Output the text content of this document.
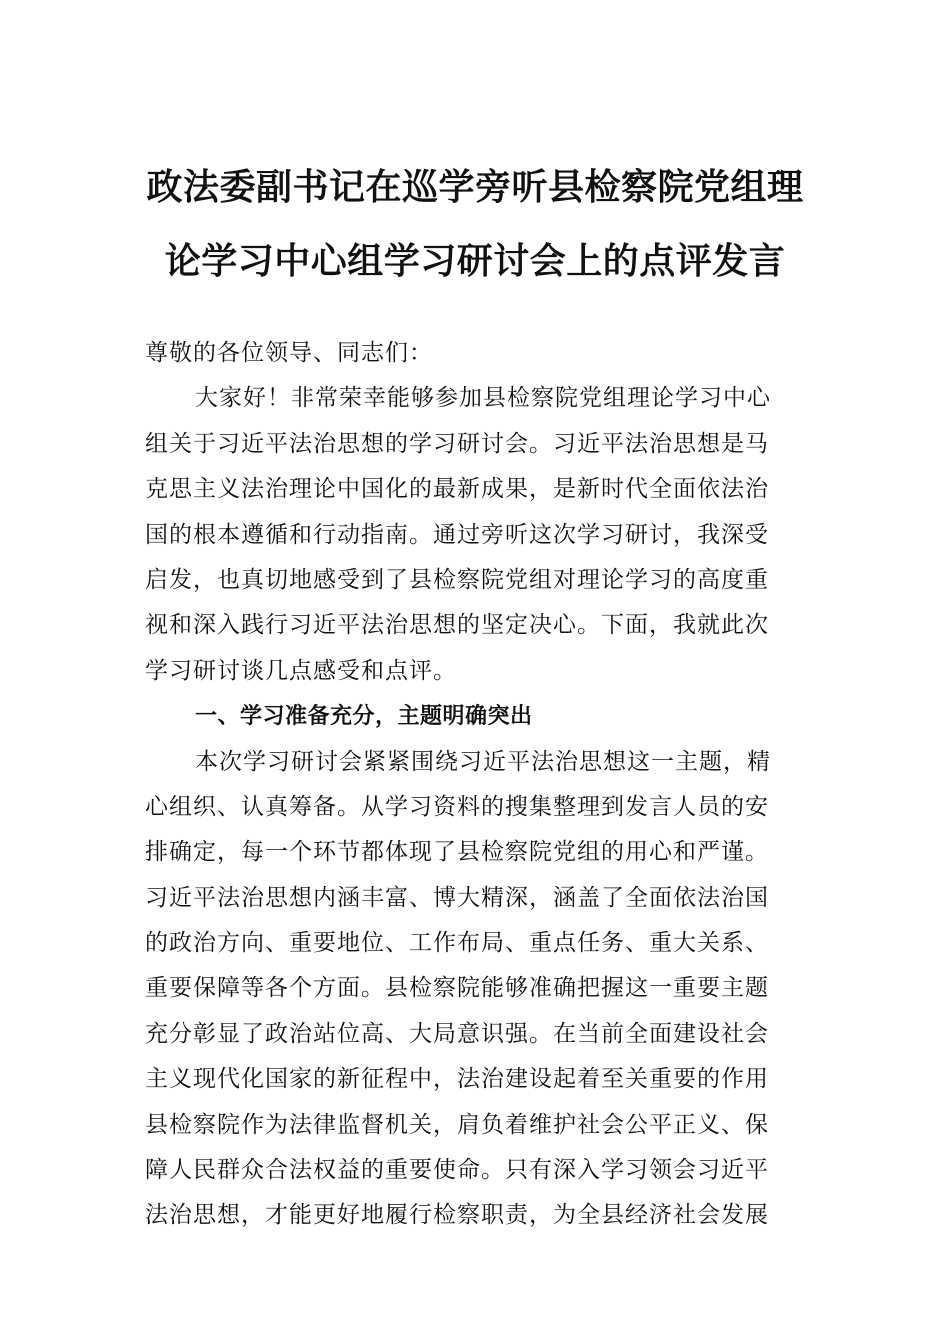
政法委副书记在巡学旁听县检察院党组理
论学习中心组学习研讨会上的点评发言
尊敬的各位领导、同志们：
大家好！非常荣幸能够参加县检察院党组理论学习中心
组关于习近平法治思想的学习研讨会。习近平法治思想是马
克思主义法治理论中国化的最新成果，是新时代全面依法治
国的根本遵循和行动指南。通过旁听这次学习研讨，我深受
启发，也真切地感受到了县检察院党组对理论学习的高度重
视和深入践行习近平法治思想的坚定决心。下面，我就此次
学习研讨谈几点感受和点评。
一、学习准备充分，主题明确突出
本次学习研讨会紧紧围绕习近平法治思想这一主题，精
心组织、认真筹备。从学习资料的搜集整理到发言人员的安
排确定，每一个环节都体现了县检察院党组的用心和严谨。
习近平法治思想内涵丰富、博大精深，涵盖了全面依法治国
的政治方向、重要地位、工作布局、重点任务、重大关系、
重要保障等各个方面。县检察院能够准确把握这一重要主题
充分彰显了政治站位高、大局意识强。在当前全面建设社会
主义现代化国家的新征程中，法治建设起着至关重要的作用
县检察院作为法律监督机关，肩负着维护社会公平正义、保
障人民群众合法权益的重要使命。只有深入学习领会习近平
法治思想，才能更好地履行检察职责，为全县经济社会发展
